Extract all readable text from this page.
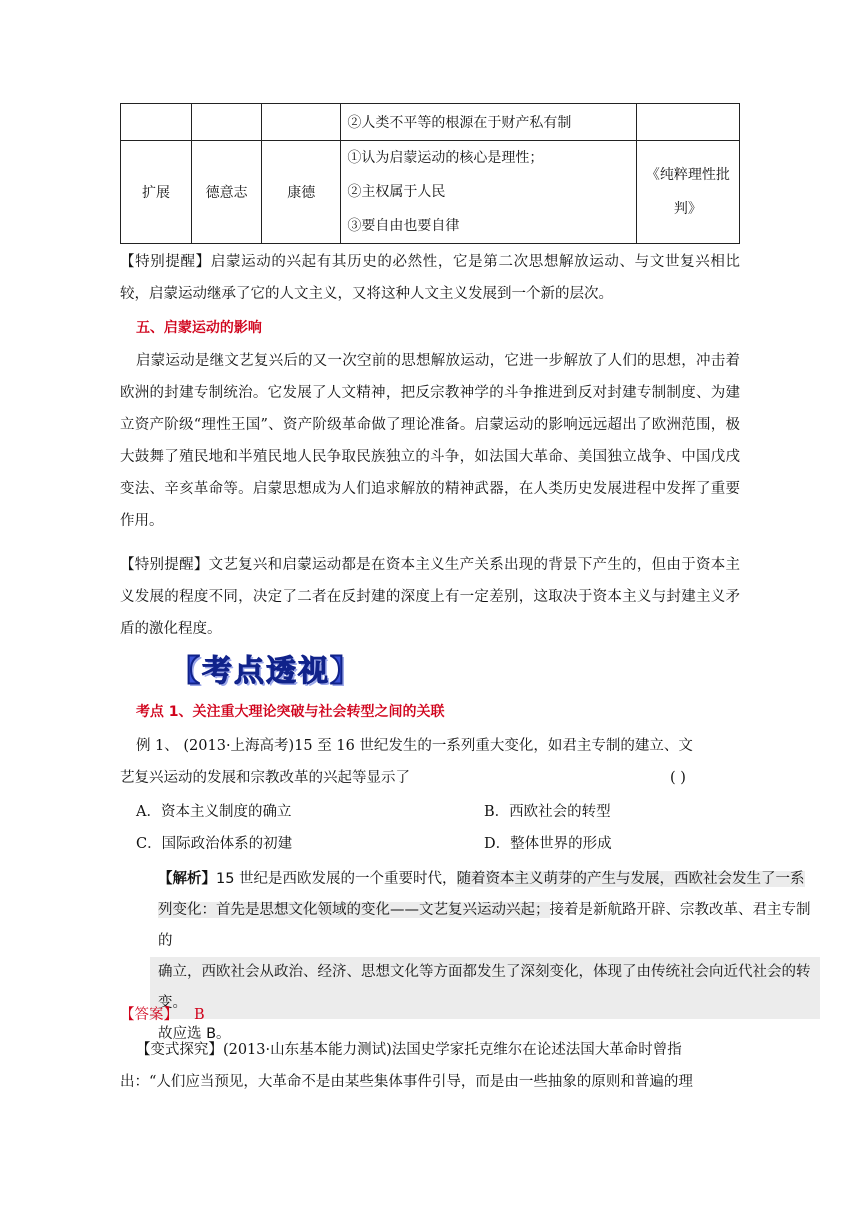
			②人类不平等的根源在于财产私有制	
扩展	德意志	康德	①认为启蒙运动的核心是理性；
②主权属于人民
③要自由也要自律	《纯粹理性批判》

【特别提醒】启蒙运动的兴起有其历史的必然性，它是第二次思想解放运动、与文世复兴相比较，启蒙运动继承了它的人文主义，又将这种人文主义发展到一个新的层次。

五、启蒙运动的影响

启蒙运动是继文艺复兴后的又一次空前的思想解放运动，它进一步解放了人们的思想，冲击着欧洲的封建专制统治。它发展了人文精神，把反宗教神学的斗争推进到反对封建专制制度、为建立资产阶级“理性王国”、资产阶级革命做了理论准备。启蒙运动的影响远远超出了欧洲范围，极大鼓舞了殖民地和半殖民地人民争取民族独立的斗争，如法国大革命、美国独立战争、中国戊戌变法、辛亥革命等。启蒙思想成为人们追求解放的精神武器，在人类历史发展进程中发挥了重要作用。

【特别提醒】文艺复兴和启蒙运动都是在资本主义生产关系出现的背景下产生的，但由于资本主义发展的程度不同，决定了二者在反封建的深度上有一定差别，这取决于资本主义与封建主义矛盾的激化程度。

【考点透视】
考点 1、关注重大理论突破与社会转型之间的关联
例 1、 (2013·上海高考)15 至 16 世纪发生的一系列重大变化，如君主专制的建立、文
艺复兴运动的发展和宗教改革的兴起等显示了	( )
A．资本主义制度的确立	B．西欧社会的转型
C．国际政治体系的初建	D．整体世界的形成
【解析】15 世纪是西欧发展的一个重要时代，随着资本主义萌芽的产生与发展，西欧社会发生了一系
列变化：首先是思想文化领域的变化——文艺复兴运动兴起；接着是新航路开辟、宗教改革、君主专制的
确立，西欧社会从政治、经济、思想文化等方面都发生了深刻变化，体现了由传统社会向近代社会的转变。
故应选 B。
【答案】 B
【变式探究】(2013·山东基本能力测试)法国史学家托克维尔在论述法国大革命时曾指
出：“人们应当预见，大革命不是由某些集体事件引导，而是由一些抽象的原则和普遍的理
